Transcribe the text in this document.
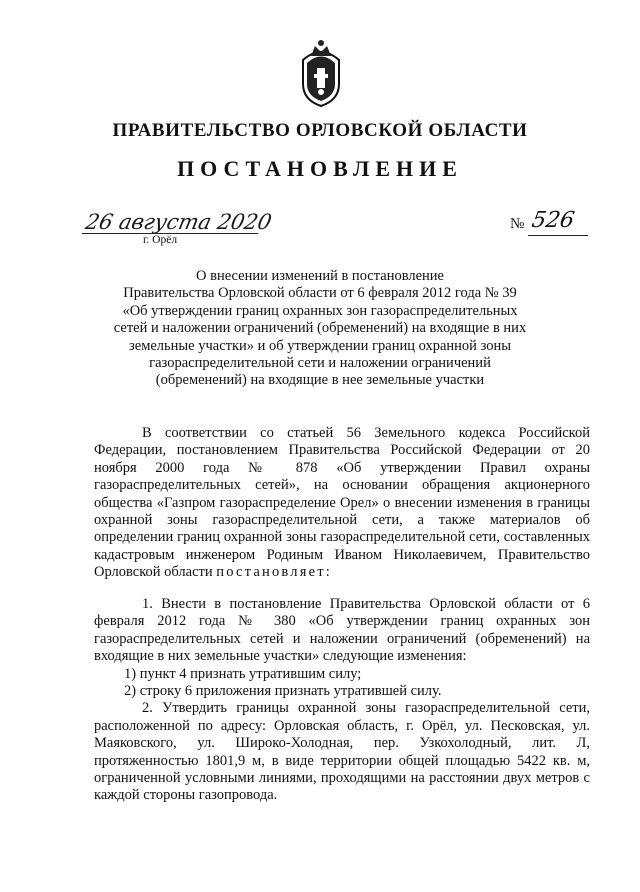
ПРАВИТЕЛЬСТВО ОРЛОВСКОЙ ОБЛАСТИ
ПОСТАНОВЛЕНИЕ
26 августа 2020
г. Орёл
№ 526
О внесении изменений в постановление
Правительства Орловской области от 6 февраля 2012 года № 39
«Об утверждении границ охранных зон газораспределительных
сетей и наложении ограничений (обременений) на входящие в них
земельные участки» и об утверждении границ охранной зоны
газораспределительной сети и наложении ограничений
(обременений) на входящие в нее земельные участки

В соответствии со статьей 56 Земельного кодекса Российской Федерации, постановлением Правительства Российской Федерации от 20 ноября 2000 года № 878 «Об утверждении Правил охраны газораспределительных сетей», на основании обращения акционерного общества «Газпром газораспределение Орел» о внесении изменения в границы охранной зоны газораспределительной сети, а также материалов об определении границ охранной зоны газораспределительной сети, составленных кадастровым инженером Родиным Иваном Николаевичем, Правительство Орловской области постановляет:

1. Внести в постановление Правительства Орловской области от 6 февраля 2012 года № 380 «Об утверждении границ охранных зон газораспределительных сетей и наложении ограничений (обременений) на входящие в них земельные участки» следующие изменения:

1) пункт 4 признать утратившим силу;

2) строку 6 приложения признать утратившей силу.

2. Утвердить границы охранной зоны газораспределительной сети, расположенной по адресу: Орловская область, г. Орёл, ул. Песковская, ул. Маяковского, ул. Широко-Холодная, пер. Узкохолодный, лит. Л, протяженностью 1801,9 м, в виде территории общей площадью 5422 кв. м, ограниченной условными линиями, проходящими на расстоянии двух метров с каждой стороны газопровода.
